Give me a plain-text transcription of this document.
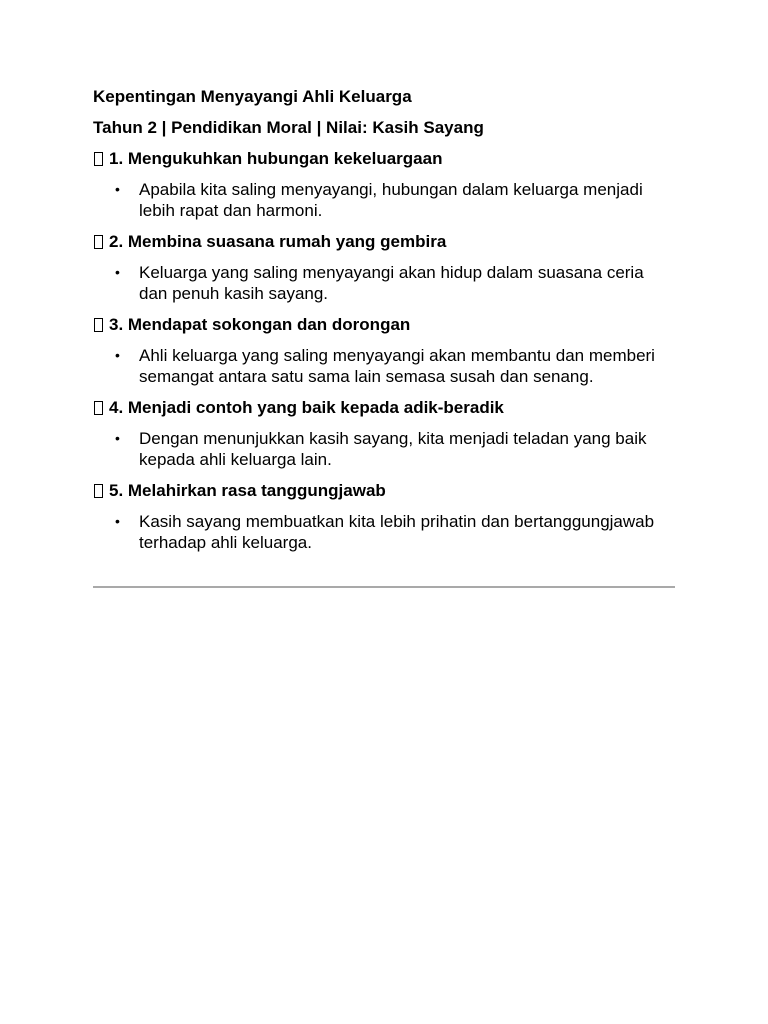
Kepentingan Menyayangi Ahli Keluarga

Tahun 2 | Pendidikan Moral | Nilai: Kasih Sayang

1. Mengukuhkan hubungan kekeluargaan
• Apabila kita saling menyayangi, hubungan dalam keluarga menjadi lebih rapat dan harmoni.
2. Membina suasana rumah yang gembira
• Keluarga yang saling menyayangi akan hidup dalam suasana ceria dan penuh kasih sayang.
3. Mendapat sokongan dan dorongan
• Ahli keluarga yang saling menyayangi akan membantu dan memberi semangat antara satu sama lain semasa susah dan senang.
4. Menjadi contoh yang baik kepada adik-beradik
• Dengan menunjukkan kasih sayang, kita menjadi teladan yang baik kepada ahli keluarga lain.
5. Melahirkan rasa tanggungjawab
• Kasih sayang membuatkan kita lebih prihatin dan bertanggungjawab terhadap ahli keluarga.
